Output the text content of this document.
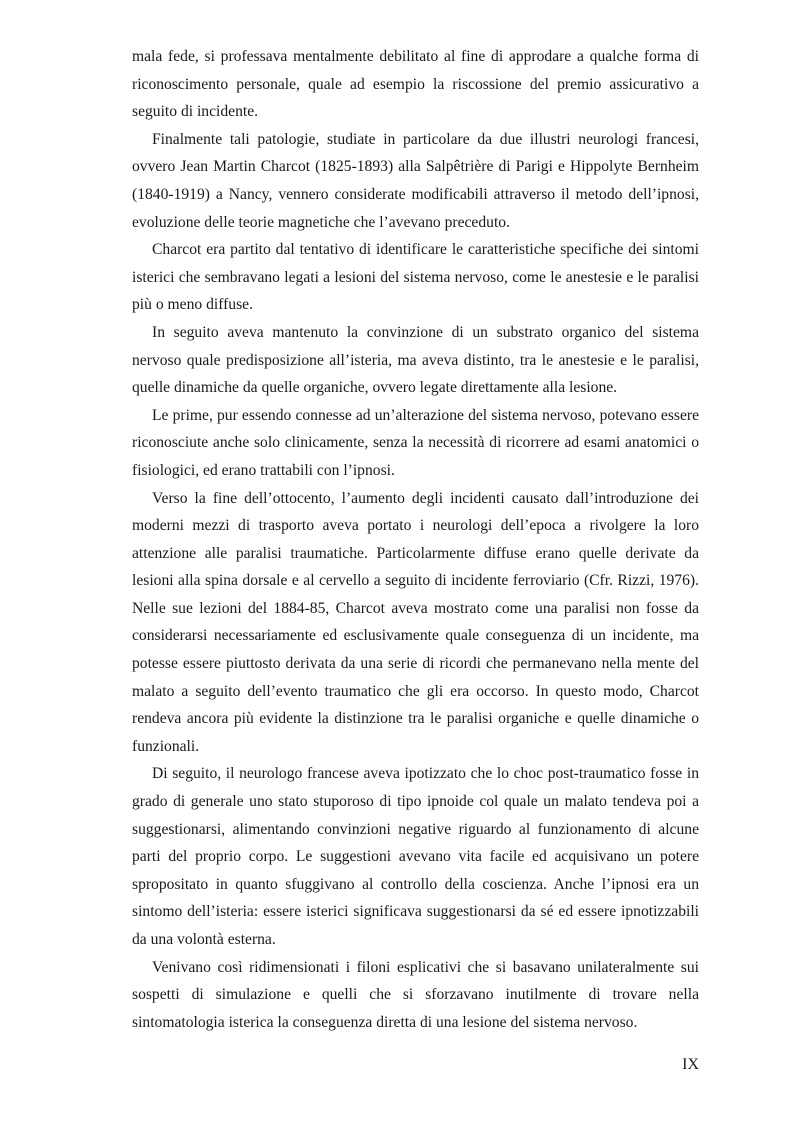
mala fede, si professava mentalmente debilitato al fine di approdare a qualche forma di riconoscimento personale, quale ad esempio la riscossione del premio assicurativo a seguito di incidente.

Finalmente tali patologie, studiate in particolare da due illustri neurologi francesi, ovvero Jean Martin Charcot (1825-1893) alla Salpêtrière di Parigi e Hippolyte Bernheim (1840-1919) a Nancy, vennero considerate modificabili attraverso il metodo dell’ipnosi, evoluzione delle teorie magnetiche che l’avevano preceduto.

Charcot era partito dal tentativo di identificare le caratteristiche specifiche dei sintomi isterici che sembravano legati a lesioni del sistema nervoso, come le anestesie e le paralisi più o meno diffuse.

In seguito aveva mantenuto la convinzione di un substrato organico del sistema nervoso quale predisposizione all’isteria, ma aveva distinto, tra le anestesie e le paralisi, quelle dinamiche da quelle organiche, ovvero legate direttamente alla lesione.

Le prime, pur essendo connesse ad un’alterazione del sistema nervoso, potevano essere riconosciute anche solo clinicamente, senza la necessità di ricorrere ad esami anatomici o fisiologici, ed erano trattabili con l’ipnosi.

Verso la fine dell’ottocento, l’aumento degli incidenti causato dall’introduzione dei moderni mezzi di trasporto aveva portato i neurologi dell’epoca a rivolgere la loro attenzione alle paralisi traumatiche. Particolarmente diffuse erano quelle derivate da lesioni alla spina dorsale e al cervello a seguito di incidente ferroviario (Cfr. Rizzi, 1976). Nelle sue lezioni del 1884-85, Charcot aveva mostrato come una paralisi non fosse da considerarsi necessariamente ed esclusivamente quale conseguenza di un incidente, ma potesse essere piuttosto derivata da una serie di ricordi che permanevano nella mente del malato a seguito dell’evento traumatico che gli era occorso. In questo modo, Charcot rendeva ancora più evidente la distinzione tra le paralisi organiche e quelle dinamiche o funzionali.

Di seguito, il neurologo francese aveva ipotizzato che lo choc post-traumatico fosse in grado di generale uno stato stuporoso di tipo ipnoide col quale un malato tendeva poi a suggestionarsi, alimentando convinzioni negative riguardo al funzionamento di alcune parti del proprio corpo. Le suggestioni avevano vita facile ed acquisivano un potere spropositato in quanto sfuggivano al controllo della coscienza. Anche l’ipnosi era un sintomo dell’isteria: essere isterici significava suggestionarsi da sé ed essere ipnotizzabili da una volontà esterna.

Venivano così ridimensionati i filoni esplicativi che si basavano unilateralmente sui sospetti di simulazione e quelli che si sforzavano inutilmente di trovare nella sintomatologia isterica la conseguenza diretta di una lesione del sistema nervoso.

IX
